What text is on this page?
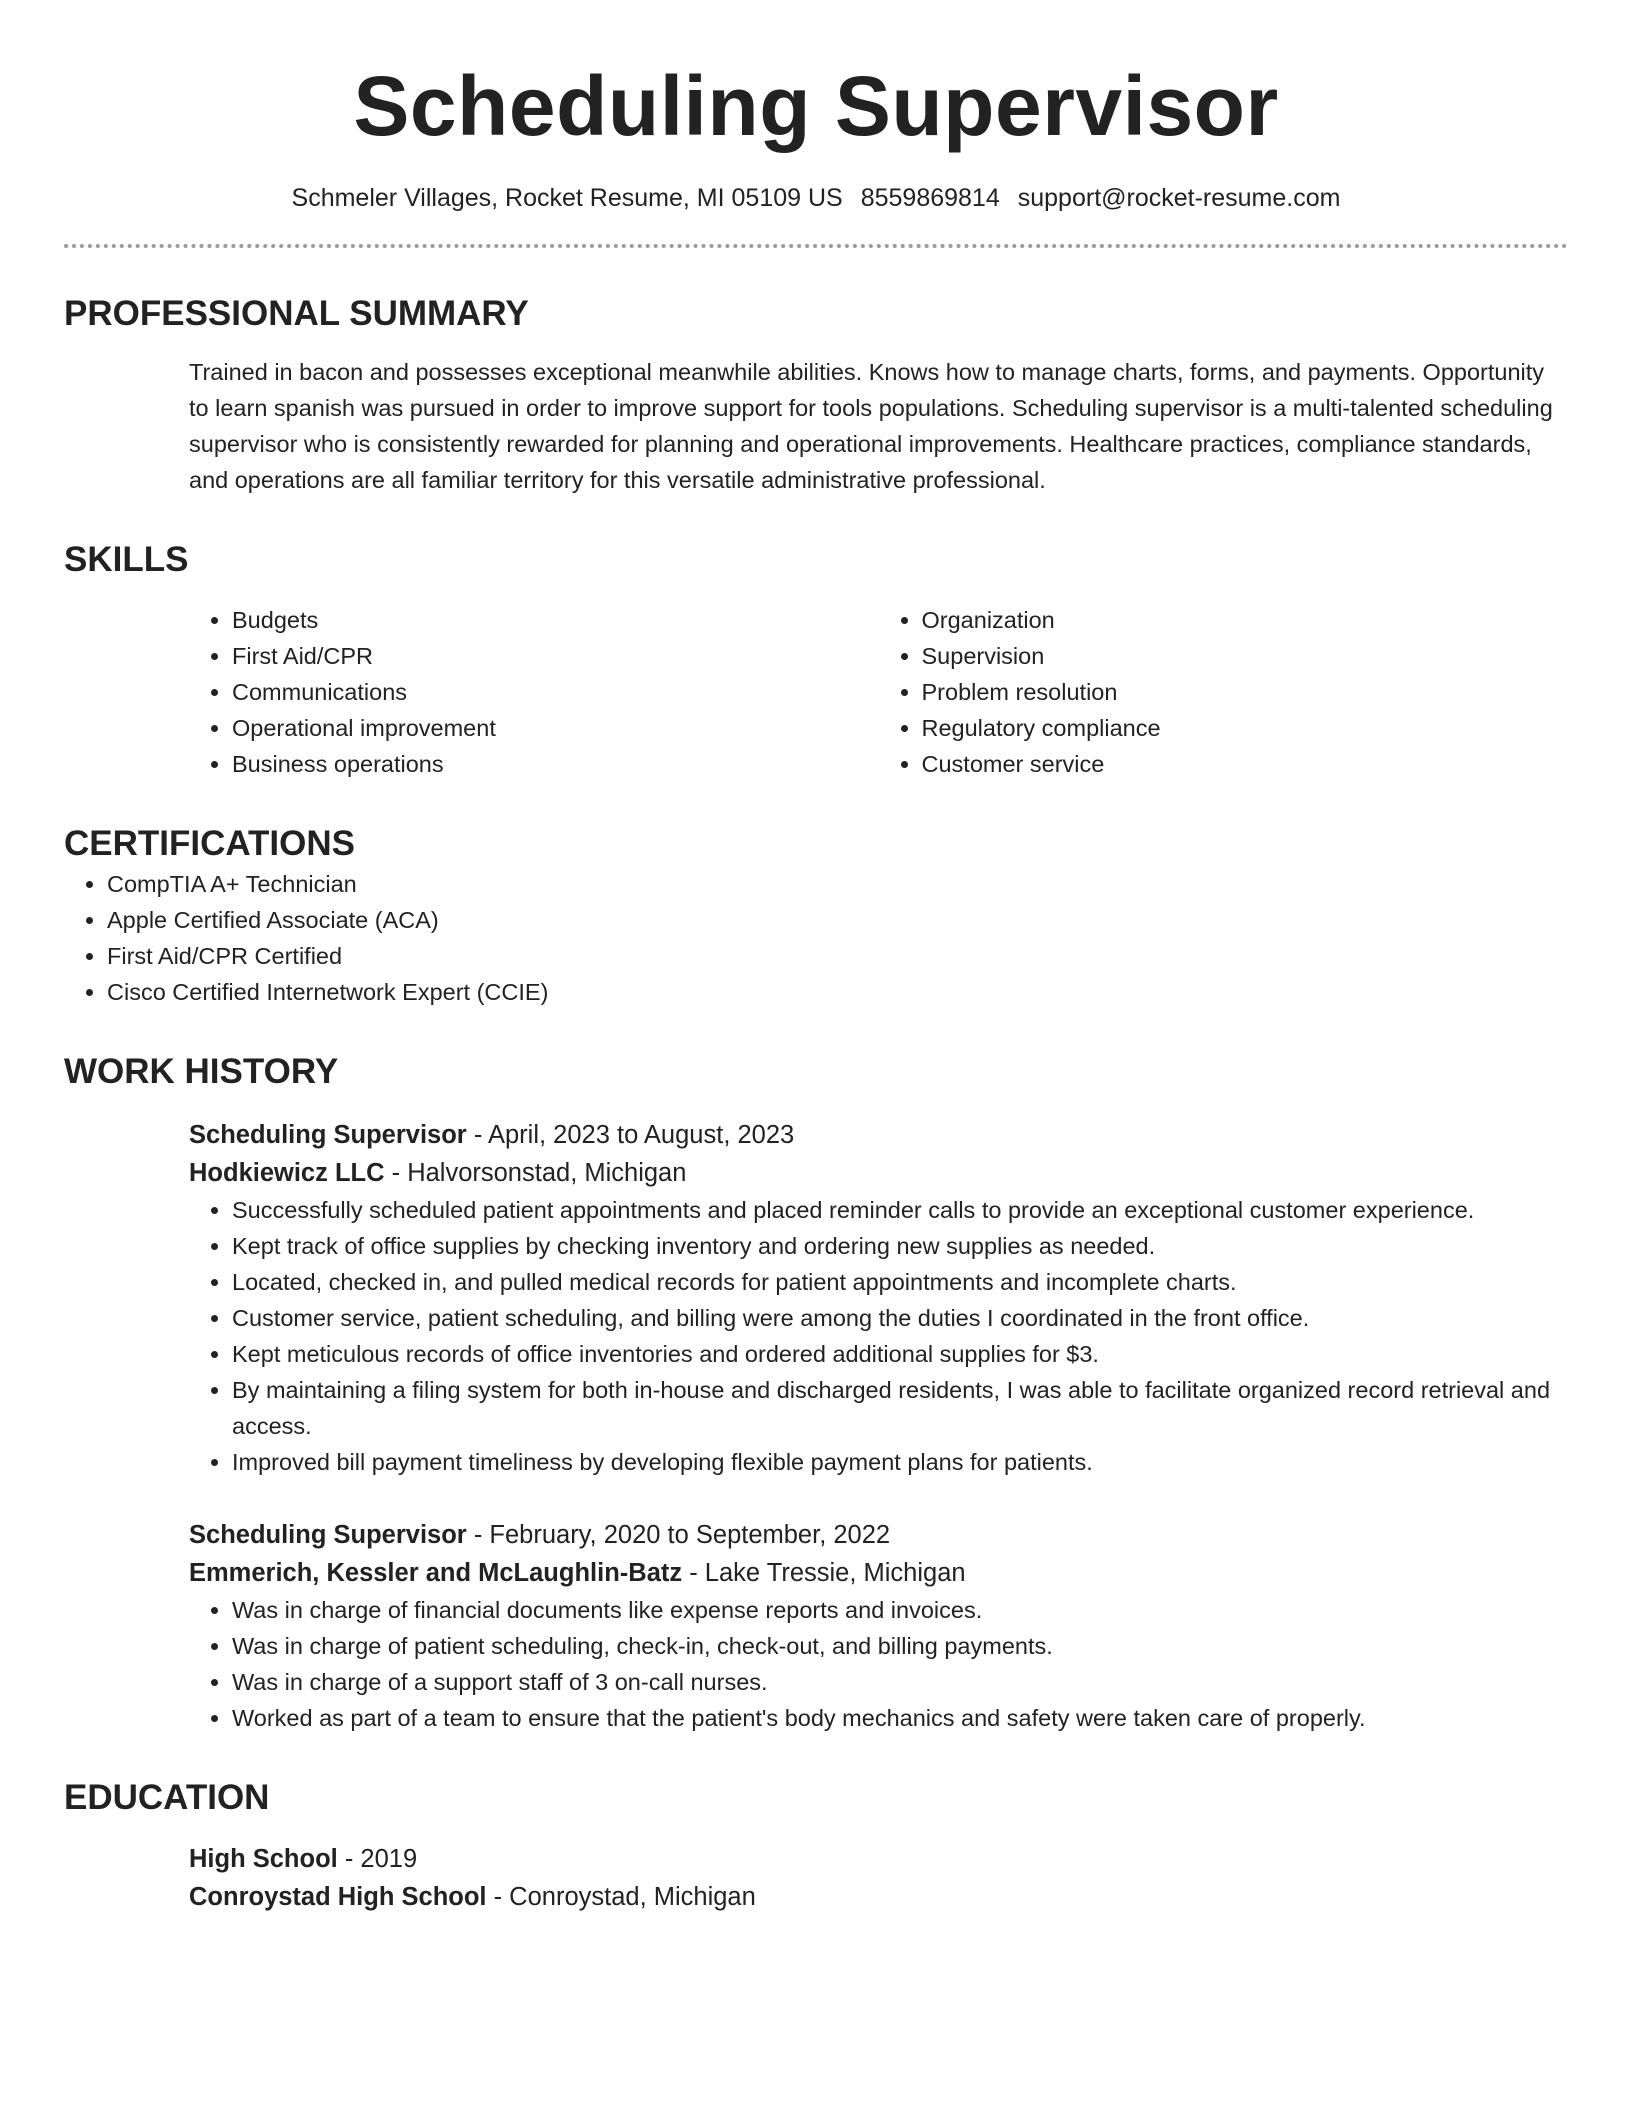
Scheduling Supervisor
Schmeler Villages, Rocket Resume, MI 05109 US 8559869814 support@rocket-resume.com
PROFESSIONAL SUMMARY
Trained in bacon and possesses exceptional meanwhile abilities. Knows how to manage charts, forms, and payments. Opportunity to learn spanish was pursued in order to improve support for tools populations. Scheduling supervisor is a multi-talented scheduling supervisor who is consistently rewarded for planning and operational improvements. Healthcare practices, compliance standards, and operations are all familiar territory for this versatile administrative professional.
SKILLS
• Budgets
• First Aid/CPR
• Communications
• Operational improvement
• Business operations
• Organization
• Supervision
• Problem resolution
• Regulatory compliance
• Customer service
CERTIFICATIONS
• CompTIA A+ Technician
• Apple Certified Associate (ACA)
• First Aid/CPR Certified
• Cisco Certified Internetwork Expert (CCIE)
WORK HISTORY
Scheduling Supervisor - April, 2023 to August, 2023
Hodkiewicz LLC - Halvorsonstad, Michigan
• Successfully scheduled patient appointments and placed reminder calls to provide an exceptional customer experience.
• Kept track of office supplies by checking inventory and ordering new supplies as needed.
• Located, checked in, and pulled medical records for patient appointments and incomplete charts.
• Customer service, patient scheduling, and billing were among the duties I coordinated in the front office.
• Kept meticulous records of office inventories and ordered additional supplies for $3.
• By maintaining a filing system for both in-house and discharged residents, I was able to facilitate organized record retrieval and access.
• Improved bill payment timeliness by developing flexible payment plans for patients.
Scheduling Supervisor - February, 2020 to September, 2022
Emmerich, Kessler and McLaughlin-Batz - Lake Tressie, Michigan
• Was in charge of financial documents like expense reports and invoices.
• Was in charge of patient scheduling, check-in, check-out, and billing payments.
• Was in charge of a support staff of 3 on-call nurses.
• Worked as part of a team to ensure that the patient's body mechanics and safety were taken care of properly.
EDUCATION
High School - 2019
Conroystad High School - Conroystad, Michigan
